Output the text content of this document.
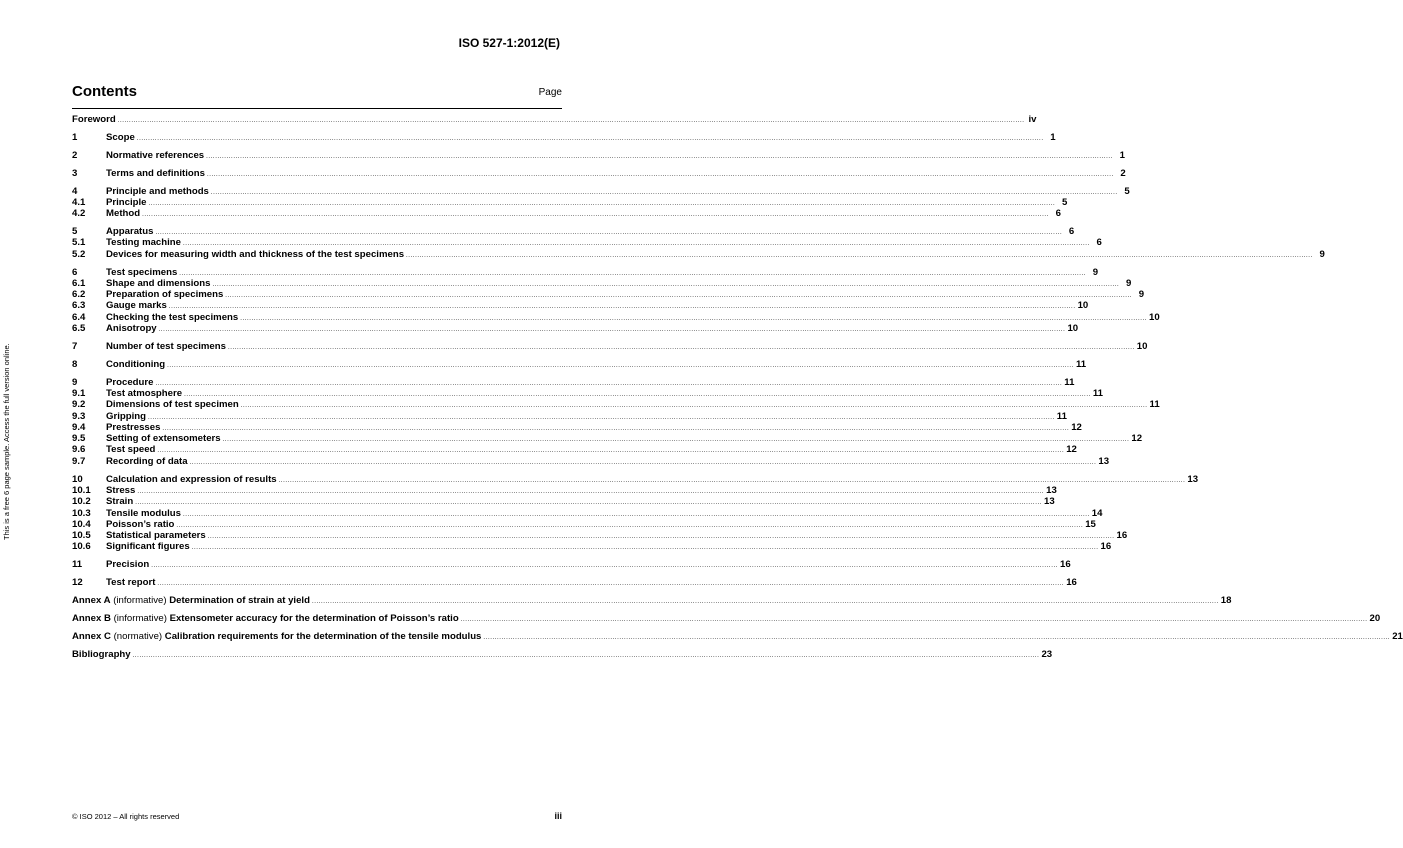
ISO 527-1:2012(E)
This is a free 6 page sample. Access the full version online.
Contents	Page
Foreword ................................................................................................................................................................................................................................................................................................................................................................................................................ iv
1	Scope ................................................................................................................................................................................................................................................................................................................................................................................................................ 1
2	Normative references ................................................................................................................................................................................................................................................................................................................................................................................................................ 1
3	Terms and definitions ................................................................................................................................................................................................................................................................................................................................................................................................................ 2
4	Principle and methods ................................................................................................................................................................................................................................................................................................................................................................................................................ 5
4.1	Principle ................................................................................................................................................................................................................................................................................................................................................................................................................ 5
4.2	Method ................................................................................................................................................................................................................................................................................................................................................................................................................ 6
5	Apparatus ................................................................................................................................................................................................................................................................................................................................................................................................................ 6
5.1	Testing machine ................................................................................................................................................................................................................................................................................................................................................................................................................ 6
5.2	Devices for measuring width and thickness of the test specimens ................................................................................................................................................................................................................................................................................................................................................................................................................ 9
6	Test specimens ................................................................................................................................................................................................................................................................................................................................................................................................................ 9
6.1	Shape and dimensions ................................................................................................................................................................................................................................................................................................................................................................................................................ 9
6.2	Preparation of specimens ................................................................................................................................................................................................................................................................................................................................................................................................................ 9
6.3	Gauge marks ................................................................................................................................................................................................................................................................................................................................................................................................................ 10
6.4	Checking the test specimens ................................................................................................................................................................................................................................................................................................................................................................................................................ 10
6.5	Anisotropy ................................................................................................................................................................................................................................................................................................................................................................................................................ 10
7	Number of test specimens ................................................................................................................................................................................................................................................................................................................................................................................................................ 10
8	Conditioning ................................................................................................................................................................................................................................................................................................................................................................................................................ 11
9	Procedure ................................................................................................................................................................................................................................................................................................................................................................................................................ 11
9.1	Test atmosphere ................................................................................................................................................................................................................................................................................................................................................................................................................ 11
9.2	Dimensions of test specimen ................................................................................................................................................................................................................................................................................................................................................................................................................ 11
9.3	Gripping ................................................................................................................................................................................................................................................................................................................................................................................................................ 11
9.4	Prestresses ................................................................................................................................................................................................................................................................................................................................................................................................................ 12
9.5	Setting of extensometers ................................................................................................................................................................................................................................................................................................................................................................................................................ 12
9.6	Test speed ................................................................................................................................................................................................................................................................................................................................................................................................................ 12
9.7	Recording of data ................................................................................................................................................................................................................................................................................................................................................................................................................ 13
10	Calculation and expression of results ................................................................................................................................................................................................................................................................................................................................................................................................................ 13
10.1	Stress ................................................................................................................................................................................................................................................................................................................................................................................................................ 13
10.2	Strain ................................................................................................................................................................................................................................................................................................................................................................................................................ 13
10.3	Tensile modulus ................................................................................................................................................................................................................................................................................................................................................................................................................ 14
10.4	Poisson’s ratio ................................................................................................................................................................................................................................................................................................................................................................................................................ 15
10.5	Statistical parameters ................................................................................................................................................................................................................................................................................................................................................................................................................ 16
10.6	Significant figures ................................................................................................................................................................................................................................................................................................................................................................................................................ 16
11	Precision ................................................................................................................................................................................................................................................................................................................................................................................................................ 16
12	Test report ................................................................................................................................................................................................................................................................................................................................................................................................................ 16
Annex A (informative) Determination of strain at yield ................................................................................................................................................................................................................................................................................................................................................................................................................ 18
Annex B (informative) Extensometer accuracy for the determination of Poisson’s ratio ................................................................................................................................................................................................................................................................................................................................................................................................................ 20
Annex C (normative) Calibration requirements for the determination of the tensile modulus ................................................................................................................................................................................................................................................................................................................................................................................................................ 21
Bibliography ................................................................................................................................................................................................................................................................................................................................................................................................................ 23
© ISO 2012 – All rights reserved	iii
